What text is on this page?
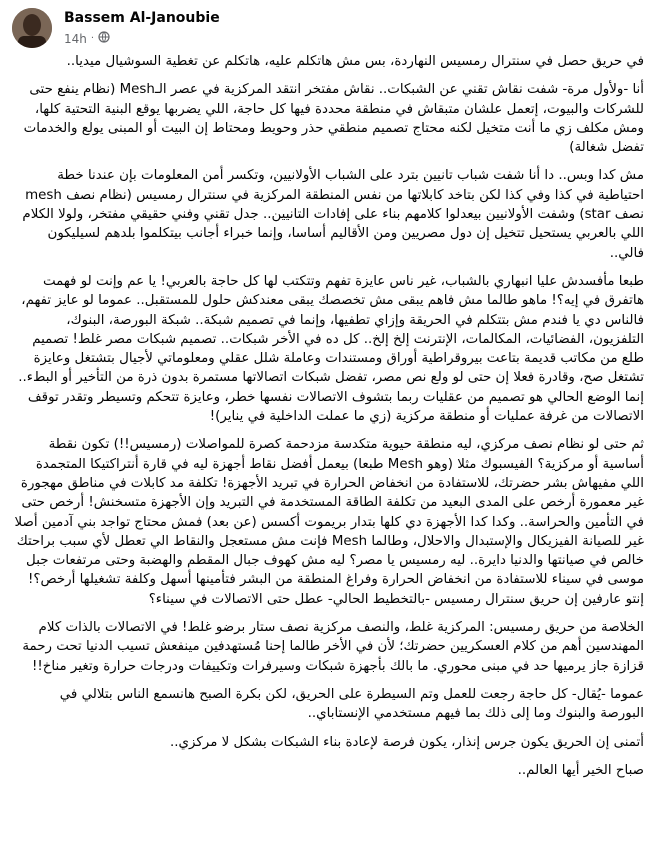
Bassem Al-Janoubie
14h ·

في حريق حصل في سنترال رمسيس النهاردة، بس مش هاتكلم عليه، هاتكلم عن تغطية السوشيال ميديا..

أنا -ولأول مرة- شفت نقاش تقني عن الشبكات.. نقاش مفتخر انتقد المركزية في عصر الـMesh (نظام ينفع حتى للشركات والبيوت، إتعمل علشان متبقاش في منطقة محددة فيها كل حاجة، اللي يضربها يوقع البنية التحتية كلها، ومش مكلف زي ما أنت متخيل لكنه محتاج تصميم منطقي حذر وحويط ومحتاط إن البيت أو المبنى يولع والخدمات تفضل شغالة)

مش كدا وبس.. دا أنا شفت شباب تانيين بترد على الشباب الأولانيين، وتكسر أمن المعلومات بإن عندنا خطة احتياطية في كذا وفي كذا لكن بتاخد كابلاتها من نفس المنطقة المركزية في سنترال رمسيس (نظام نصف mesh نصف star) وشفت الأولانيين بيعدلوا كلامهم بناء على إفادات التانيين.. جدل تقني وفني حقيقي مفتخر، ولولا الكلام اللي بالعربي يستحيل تتخيل إن دول مصريين ومن الأقاليم أساسا، وإنما خبراء أجانب بيتكلموا بلدهم لسيليكون فالي..

طبعا مأفسدش عليا انبهاري بالشباب، غير ناس عايزة تفهم وتتكتب لها كل حاجة بالعربي! يا عم وإنت لو فهمت هاتفرق في إيه؟! ماهو طالما مش فاهم يبقى مش تخصصك يبقى معندكش حلول للمستقبل.. عموما لو عايز تفهم، فالناس دي يا فندم مش بتتكلم في الحريقة وإزاي تطفيها، وإنما في تصميم شبكة.. شبكة البورصة، البنوك، التلفزيون، الفضائيات، المكالمات، الإنترنت إلخ إلخ.. كل ده في الأخر شبكات.. تصميم شبكات مصر غلط! تصميم طلع من مكاتب قديمة بتاعت بيروقراطية أوراق ومستندات وعاملة شلل عقلي ومعلوماتي لأجيال بتشتغل وعايزة تشتغل صح، وقادرة فعلا إن حتى لو ولع نص مصر، تفضل شبكات اتصالاتها مستمرة بدون ذرة من التأخير أو البطء.. إنما الوضع الحالي هو تصميم من عقليات ربما بتشوف الاتصالات نفسها خطر، وعايزة تتحكم وتسيطر وتقدر توقف الاتصالات من غرفة عمليات أو منطقة مركزية (زي ما عملت الداخلية في يناير)!

ثم حتى لو نظام نصف مركزي، ليه منطقة حيوية متكدسة مزدحمة كصرة للمواصلات (رمسيس!!) تكون نقطة أساسية أو مركزية؟ الفيسبوك مثلا (وهو Mesh طبعا) بيعمل أفضل نقاط أجهزة ليه في قارة أنتراكتيكا المتجمدة اللي مفيهاش بشر حضرتك، للاستفادة من انخفاض الحرارة في تبريد الأجهزة! تكلفة مد كابلات في مناطق مهجورة غير معمورة أرخص على المدى البعيد من تكلفة الطاقة المستخدمة في التبريد وإن الأجهزة متسخنش! أرخص حتى في التأمين والحراسة.. وكدا كدا الأجهزة دي كلها بتدار بريموت أكسس (عن بعد) فمش محتاج تواجد بني آدمين أصلا غير للصيانة الفيزيكال والإستبدال والاحلال، وطالما Mesh فإنت مش مستعجل والنقاط الي تعطل لأي سبب براحتك خالص في صيانتها والدنيا دايرة.. ليه رمسيس يا مصر؟ ليه مش كهوف جبال المقطم والهضبة وحتى مرتفعات جبل موسى في سيناء للاستفادة من انخفاض الحرارة وفراغ المنطقة من البشر فتأمينها أسهل وكلفة تشغيلها أرخص؟! إنتو عارفين إن حريق سنترال رمسيس -بالتخطيط الحالي- عطل حتى الاتصالات في سيناء؟

الخلاصة من حريق رمسيس: المركزية غلط، والنصف مركزية نصف ستار برضو غلط! في الاتصالات بالذات كلام المهندسين أهم من كلام العسكريين حضرتك؛ لأن في الأخر طالما إحنا مُستهدفين مينفعش تسيب الدنيا تحت رحمة قزازة جاز يرميها حد في مبنى محوري. ما بالك بأجهزة شبكات وسيرفرات وتكييفات ودرجات حرارة وتغير مناخ!!

عموما -يُقال- كل حاجة رجعت للعمل وتم السيطرة على الحريق، لكن بكرة الصبح هانسمع الناس بتلالي في البورصة والبنوك وما إلى ذلك بما فيهم مستخدمي الإنستاباي..

أتمنى إن الحريق يكون جرس إنذار، يكون فرصة لإعادة بناء الشبكات بشكل لا مركزي..

صباح الخير أيها العالم..
